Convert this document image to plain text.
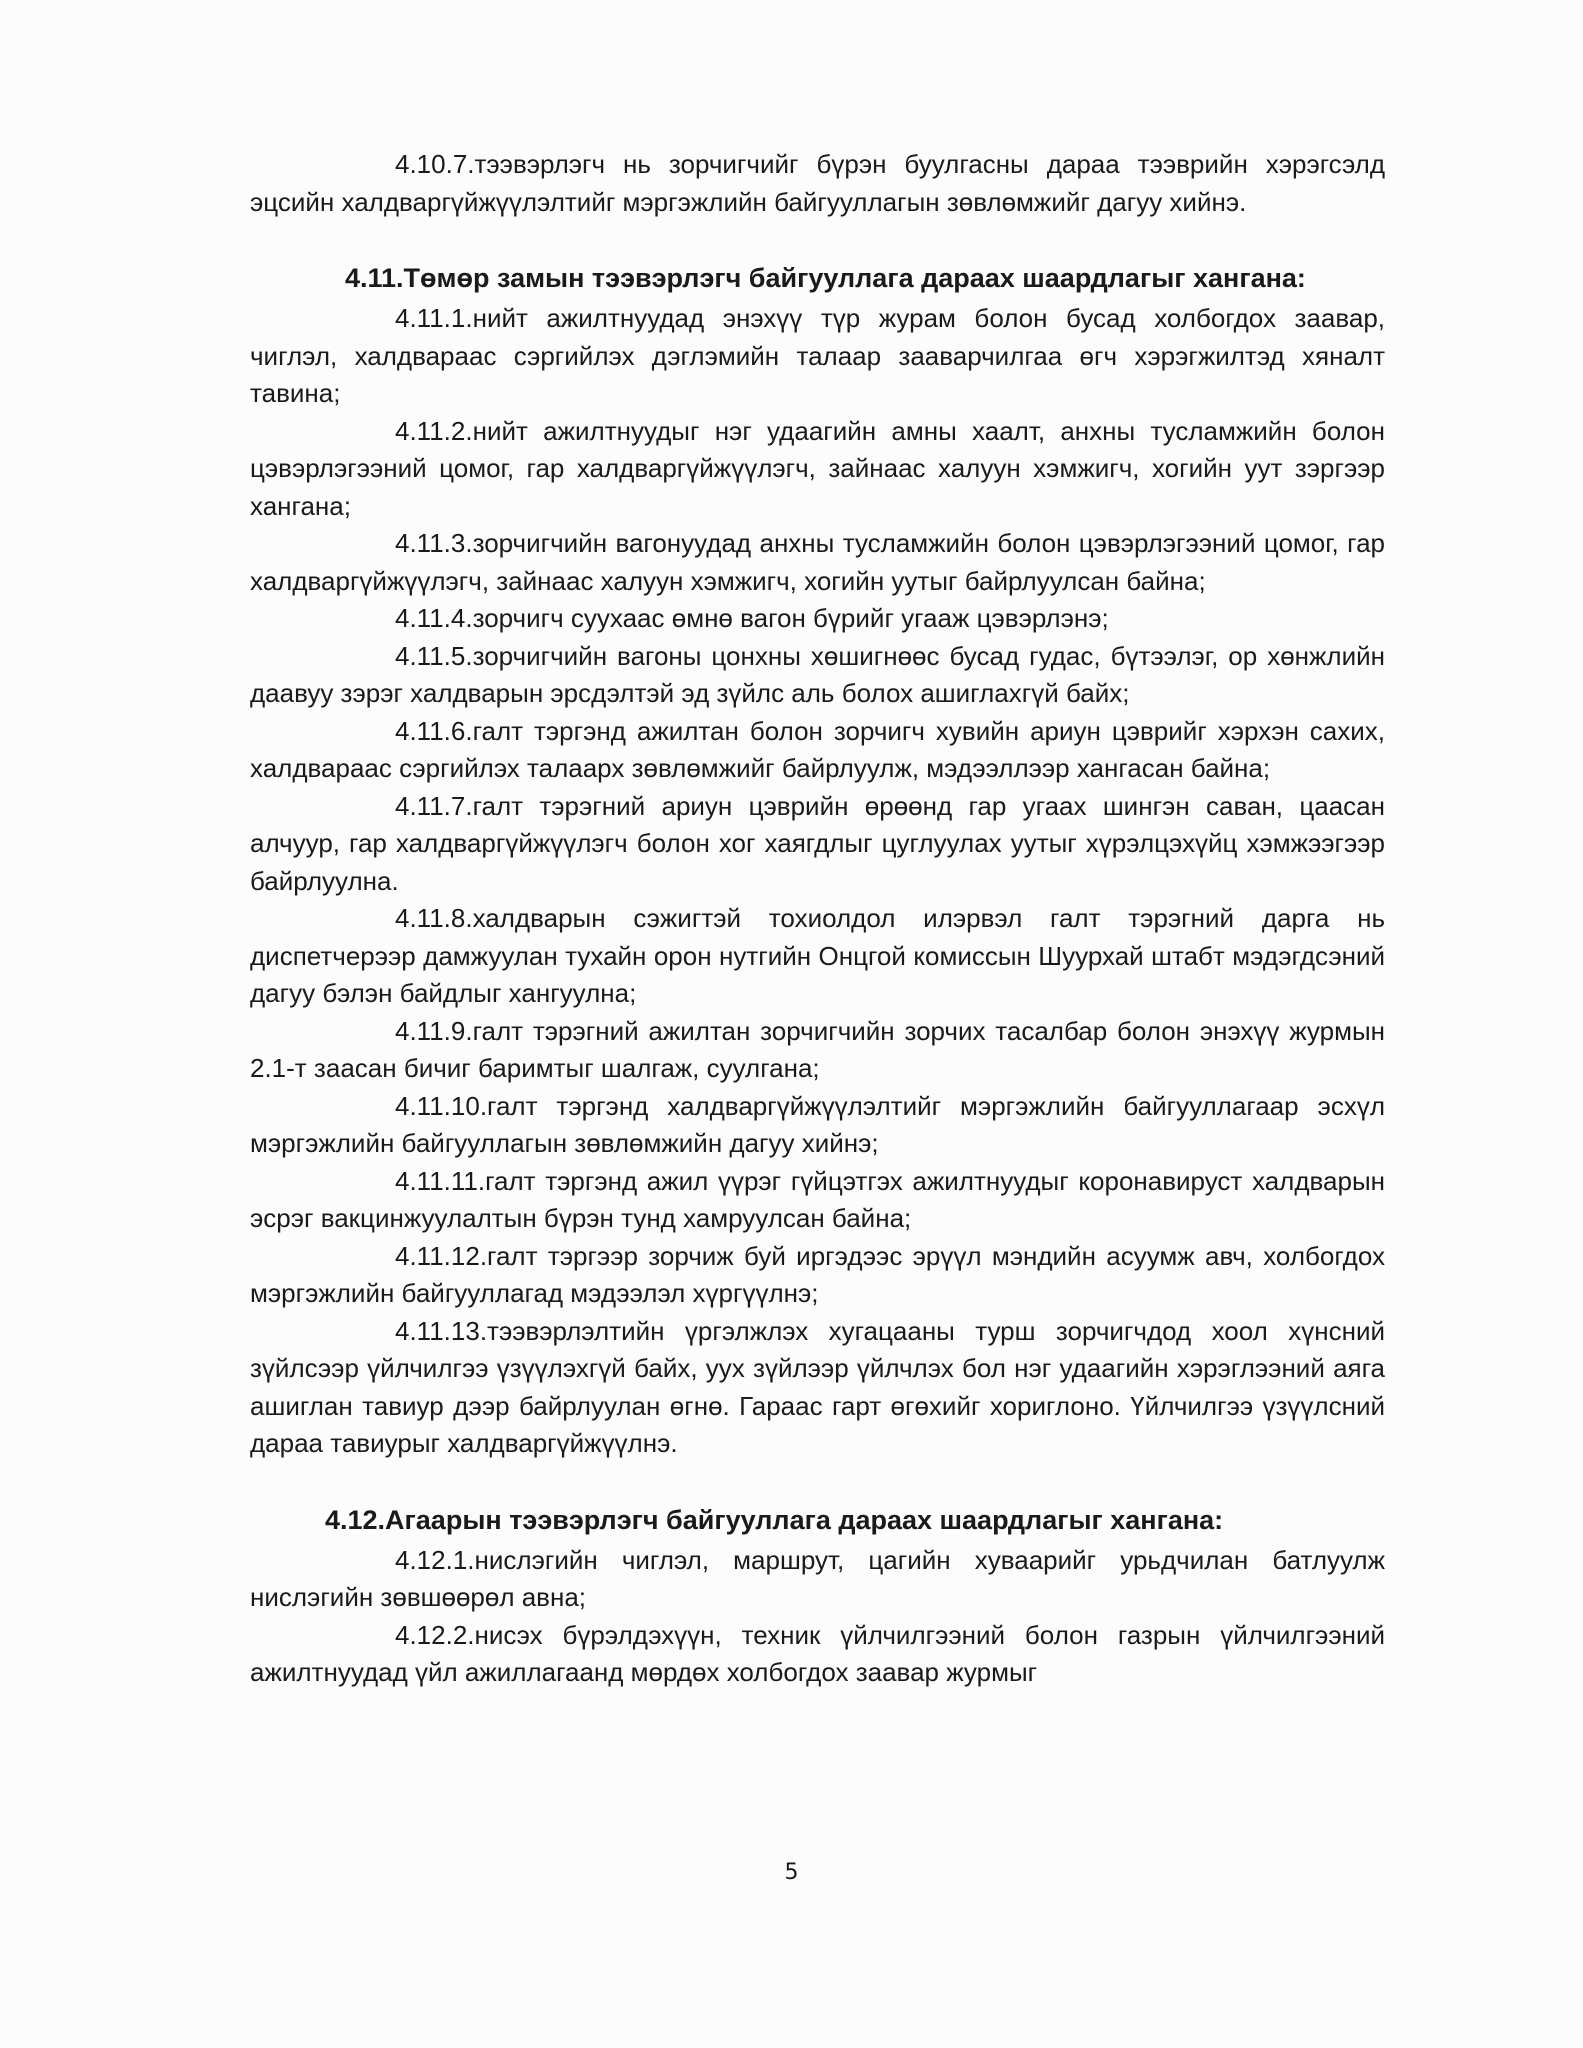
4.10.7.тээвэрлэгч нь зорчигчийг бүрэн буулгасны дараа тээврийн хэрэгсэлд эцсийн халдваргүйжүүлэлтийг мэргэжлийн байгууллагын зөвлөмжийг дагуу хийнэ.

4.11.Төмөр замын тээвэрлэгч байгууллага дараах шаардлагыг хангана:

4.11.1.нийт ажилтнуудад энэхүү түр журам болон бусад холбогдох заавар, чиглэл, халдвараас сэргийлэх дэглэмийн талаар зааварчилгаа өгч хэрэгжилтэд хяналт тавина;

4.11.2.нийт ажилтнуудыг нэг удаагийн амны хаалт, анхны тусламжийн болон цэвэрлэгээний цомог, гар халдваргүйжүүлэгч, зайнаас халуун хэмжигч, хогийн уут зэргээр хангана;

4.11.3.зорчигчийн вагонуудад анхны тусламжийн болон цэвэрлэгээний цомог, гар халдваргүйжүүлэгч, зайнаас халуун хэмжигч, хогийн уутыг байрлуулсан байна;

4.11.4.зорчигч суухаас өмнө вагон бүрийг угааж цэвэрлэнэ;

4.11.5.зорчигчийн вагоны цонхны хөшигнөөс бусад гудас, бүтээлэг, ор хөнжлийн даавуу зэрэг халдварын эрсдэлтэй эд зүйлс аль болох ашиглахгүй байх;

4.11.6.галт тэргэнд ажилтан болон зорчигч хувийн ариун цэврийг хэрхэн сахих, халдвараас сэргийлэх талаарх зөвлөмжийг байрлуулж, мэдээллээр хангасан байна;

4.11.7.галт тэрэгний ариун цэврийн өрөөнд гар угаах шингэн саван, цаасан алчуур, гар халдваргүйжүүлэгч болон хог хаягдлыг цуглуулах уутыг хүрэлцэхүйц хэмжээгээр байрлуулна.

4.11.8.халдварын сэжигтэй тохиолдол илэрвэл галт тэрэгний дарга нь диспетчерээр дамжуулан тухайн орон нутгийн Онцгой комиссын Шуурхай штабт мэдэгдсэний дагуу бэлэн байдлыг хангуулна;

4.11.9.галт тэрэгний ажилтан зорчигчийн зорчих тасалбар болон энэхүү журмын 2.1-т заасан бичиг баримтыг шалгаж, суулгана;

4.11.10.галт тэргэнд халдваргүйжүүлэлтийг мэргэжлийн байгууллагаар эсхүл мэргэжлийн байгууллагын зөвлөмжийн дагуу хийнэ;

4.11.11.галт тэргэнд ажил үүрэг гүйцэтгэх ажилтнуудыг коронавируст халдварын эсрэг вакцинжуулалтын бүрэн тунд хамруулсан байна;

4.11.12.галт тэргээр зорчиж буй иргэдээс эрүүл мэндийн асуумж авч, холбогдох мэргэжлийн байгууллагад мэдээлэл хүргүүлнэ;

4.11.13.тээвэрлэлтийн үргэлжлэх хугацааны турш зорчигчдод хоол хүнсний зүйлсээр үйлчилгээ үзүүлэхгүй байх, уух зүйлээр үйлчлэх бол нэг удаагийн хэрэглээний аяга ашиглан тавиур дээр байрлуулан өгнө. Гараас гарт өгөхийг хориглоно. Үйлчилгээ үзүүлсний дараа тавиурыг халдваргүйжүүлнэ.

4.12.Агаарын тээвэрлэгч байгууллага дараах шаардлагыг хангана:

4.12.1.нислэгийн чиглэл, маршрут, цагийн хуваарийг урьдчилан батлуулж нислэгийн зөвшөөрөл авна;

4.12.2.нисэх бүрэлдэхүүн, техник үйлчилгээний болон газрын үйлчилгээний ажилтнуудад үйл ажиллагаанд мөрдөх холбогдох заавар журмыг

5
